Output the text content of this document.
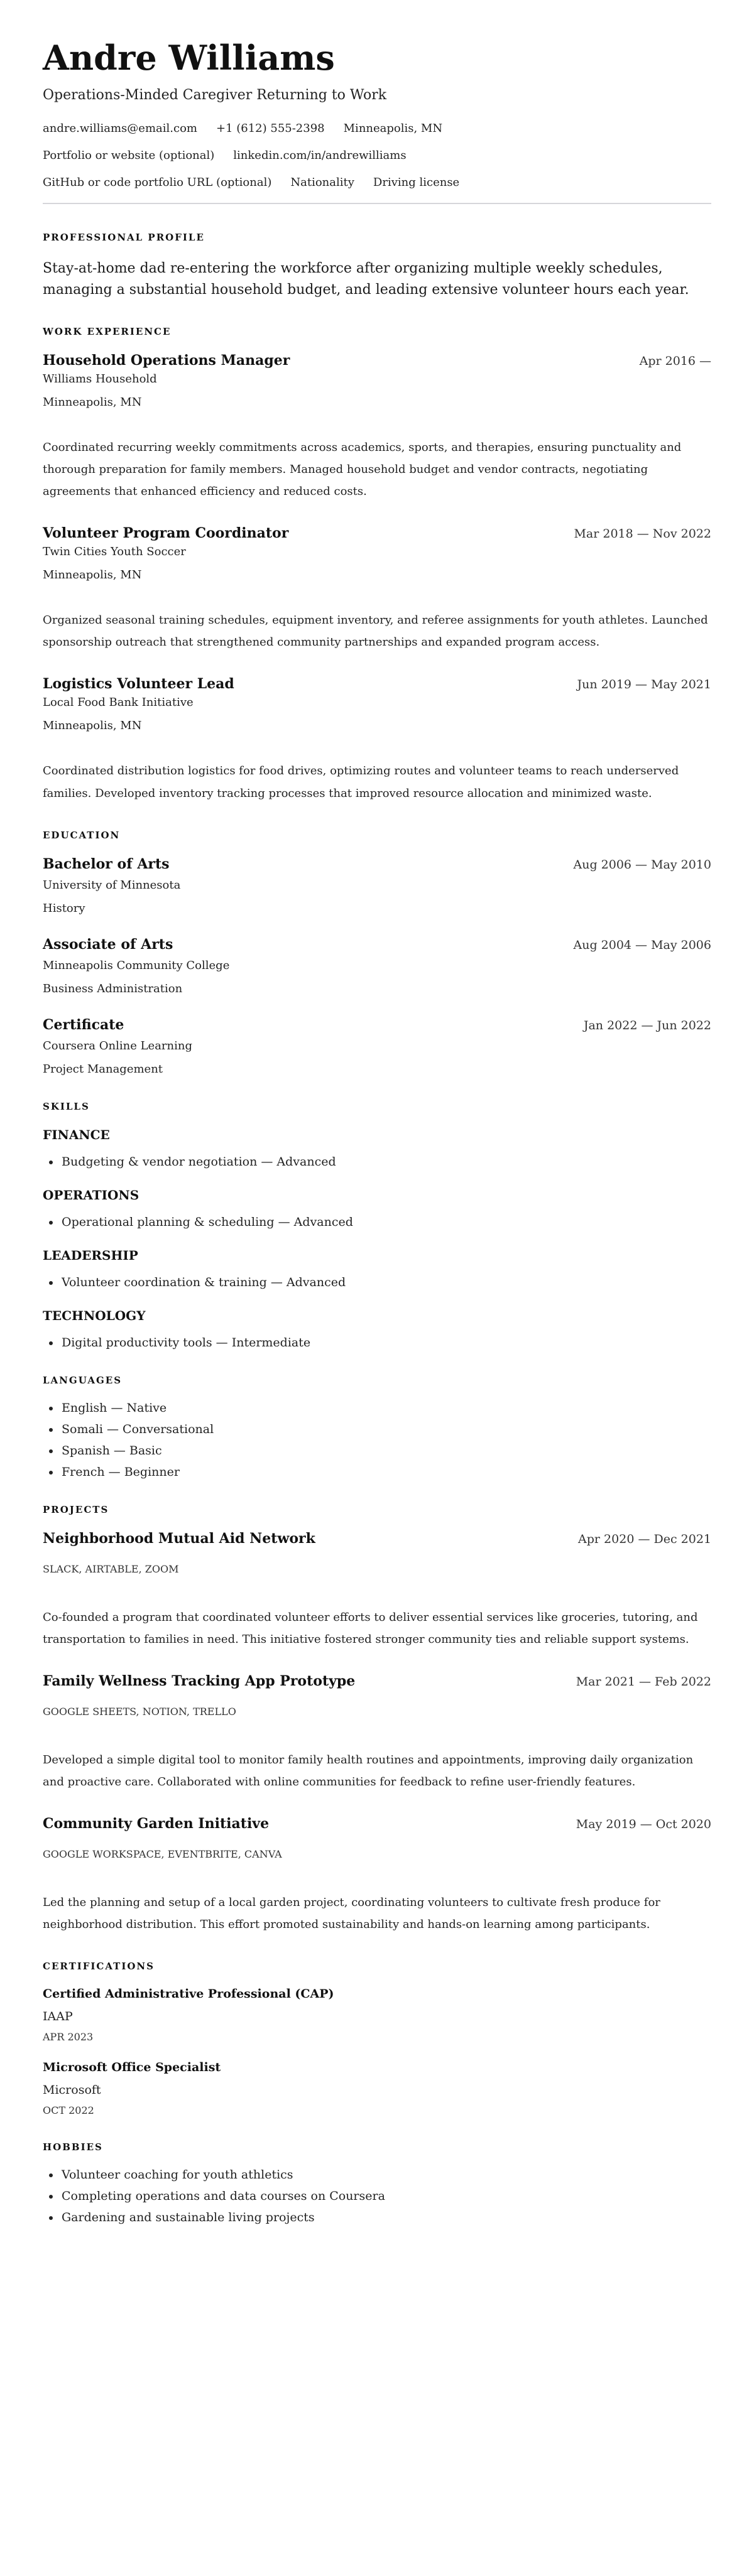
Andre Williams
Operations-Minded Caregiver Returning to Work
andre.williams@email.com +1 (612) 555-2398 Minneapolis, MN
Portfolio or website (optional) linkedin.com/in/andrewilliams
GitHub or code portfolio URL (optional) Nationality Driving license
PROFESSIONAL PROFILE

Stay-at-home dad re-entering the workforce after organizing multiple weekly schedules, managing a substantial household budget, and leading extensive volunteer hours each year.

WORK EXPERIENCE
Household Operations Manager	Apr 2016 —
Williams Household
Minneapolis, MN

Coordinated recurring weekly commitments across academics, sports, and therapies, ensuring punctuality and thorough preparation for family members. Managed household budget and vendor contracts, negotiating agreements that enhanced efficiency and reduced costs.

Volunteer Program Coordinator	Mar 2018 — Nov 2022
Twin Cities Youth Soccer
Minneapolis, MN

Organized seasonal training schedules, equipment inventory, and referee assignments for youth athletes. Launched sponsorship outreach that strengthened community partnerships and expanded program access.

Logistics Volunteer Lead	Jun 2019 — May 2021
Local Food Bank Initiative
Minneapolis, MN

Coordinated distribution logistics for food drives, optimizing routes and volunteer teams to reach underserved families. Developed inventory tracking processes that improved resource allocation and minimized waste.

EDUCATION
Bachelor of Arts	Aug 2006 — May 2010
University of Minnesota
History
Associate of Arts	Aug 2004 — May 2006
Minneapolis Community College
Business Administration
Certificate	Jan 2022 — Jun 2022
Coursera Online Learning
Project Management
SKILLS
FINANCE
• Budgeting & vendor negotiation — Advanced
OPERATIONS
• Operational planning & scheduling — Advanced
LEADERSHIP
• Volunteer coordination & training — Advanced
TECHNOLOGY
• Digital productivity tools — Intermediate
LANGUAGES
• English — Native
• Somali — Conversational
• Spanish — Basic
• French — Beginner
PROJECTS
Neighborhood Mutual Aid Network	Apr 2020 — Dec 2021
SLACK, AIRTABLE, ZOOM

Co-founded a program that coordinated volunteer efforts to deliver essential services like groceries, tutoring, and transportation to families in need. This initiative fostered stronger community ties and reliable support systems.

Family Wellness Tracking App Prototype	Mar 2021 — Feb 2022
GOOGLE SHEETS, NOTION, TRELLO

Developed a simple digital tool to monitor family health routines and appointments, improving daily organization and proactive care. Collaborated with online communities for feedback to refine user-friendly features.

Community Garden Initiative	May 2019 — Oct 2020
GOOGLE WORKSPACE, EVENTBRITE, CANVA

Led the planning and setup of a local garden project, coordinating volunteers to cultivate fresh produce for neighborhood distribution. This effort promoted sustainability and hands-on learning among participants.

CERTIFICATIONS
Certified Administrative Professional (CAP)
IAAP
APR 2023
Microsoft Office Specialist
Microsoft
OCT 2022
HOBBIES
• Volunteer coaching for youth athletics
• Completing operations and data courses on Coursera
• Gardening and sustainable living projects
